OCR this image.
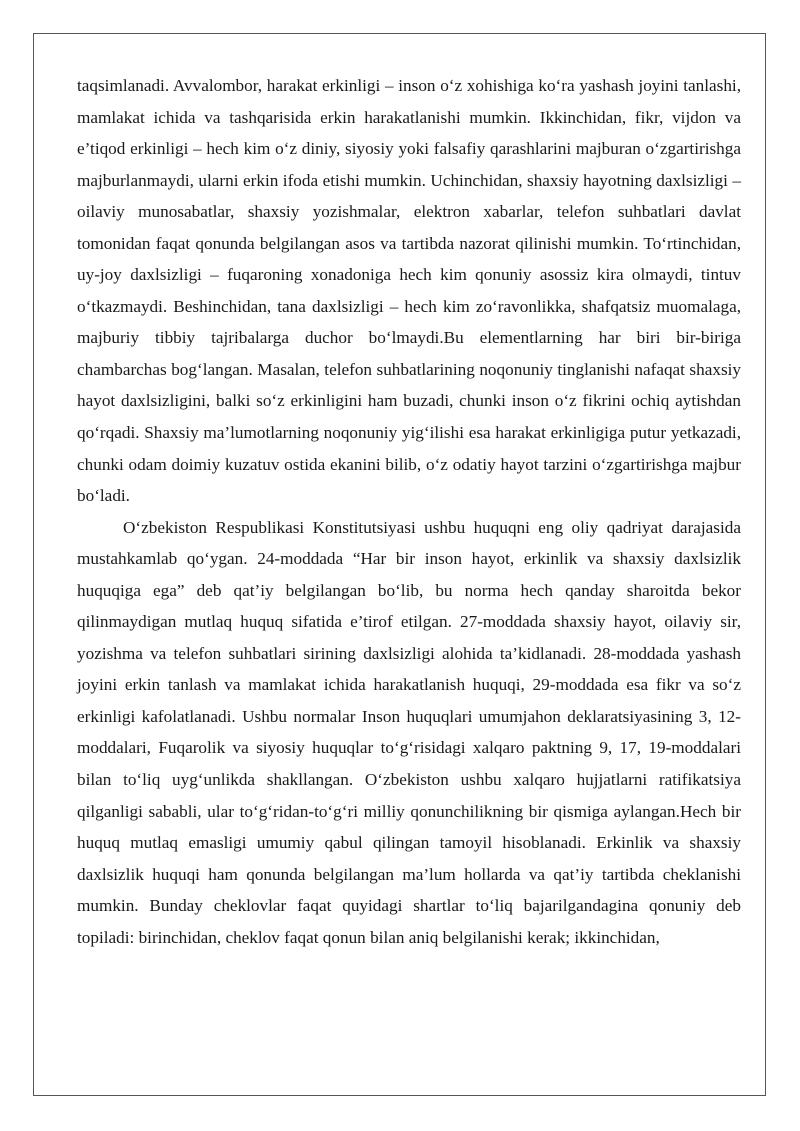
taqsimlanadi. Avvalombor, harakat erkinligi – inson o‘z xohishiga ko‘ra yashash joyini tanlashi, mamlakat ichida va tashqarisida erkin harakatlanishi mumkin. Ikkinchidan, fikr, vijdon va e’tiqod erkinligi – hech kim o‘z diniy, siyosiy yoki falsafiy qarashlarini majburan o‘zgartirishga majburlanmaydi, ularni erkin ifoda etishi mumkin. Uchinchidan, shaxsiy hayotning daxlsizligi – oilaviy munosabatlar, shaxsiy yozishmalar, elektron xabarlar, telefon suhbatlari davlat tomonidan faqat qonunda belgilangan asos va tartibda nazorat qilinishi mumkin. To‘rtinchidan, uy-joy daxlsizligi – fuqaroning xonadoniga hech kim qonuniy asossiz kira olmaydi, tintuv o‘tkazmaydi. Beshinchidan, tana daxlsizligi – hech kim zo‘ravonlikka, shafqatsiz muomalaga, majburiy tibbiy tajribalarga duchor bo‘lmaydi.Bu elementlarning har biri bir-biriga chambarchas bog‘langan. Masalan, telefon suhbatlarining noqonuniy tinglanishi nafaqat shaxsiy hayot daxlsizligini, balki so‘z erkinligini ham buzadi, chunki inson o‘z fikrini ochiq aytishdan qo‘rqadi. Shaxsiy ma’lumotlarning noqonuniy yig‘ilishi esa harakat erkinligiga putur yetkazadi, chunki odam doimiy kuzatuv ostida ekanini bilib, o‘z odatiy hayot tarzini o‘zgartirishga majbur bo‘ladi.

O‘zbekiston Respublikasi Konstitutsiyasi ushbu huquqni eng oliy qadriyat darajasida mustahkamlab qo‘ygan. 24-moddada “Har bir inson hayot, erkinlik va shaxsiy daxlsizlik huquqiga ega” deb qat’iy belgilangan bo‘lib, bu norma hech qanday sharoitda bekor qilinmaydigan mutlaq huquq sifatida e’tirof etilgan. 27-moddada shaxsiy hayot, oilaviy sir, yozishma va telefon suhbatlari sirining daxlsizligi alohida ta’kidlanadi. 28-moddada yashash joyini erkin tanlash va mamlakat ichida harakatlanish huquqi, 29-moddada esa fikr va so‘z erkinligi kafolatlanadi. Ushbu normalar Inson huquqlari umumjahon deklaratsiyasining 3, 12-moddalari, Fuqarolik va siyosiy huquqlar to‘g‘risidagi xalqaro paktning 9, 17, 19-moddalari bilan to‘liq uyg‘unlikda shakllangan. O‘zbekiston ushbu xalqaro hujjatlarni ratifikatsiya qilganligi sababli, ular to‘g‘ridan-to‘g‘ri milliy qonunchilikning bir qismiga aylangan.Hech bir huquq mutlaq emasligi umumiy qabul qilingan tamoyil hisoblanadi. Erkinlik va shaxsiy daxlsizlik huquqi ham qonunda belgilangan ma’lum hollarda va qat’iy tartibda cheklanishi mumkin. Bunday cheklovlar faqat quyidagi shartlar to‘liq bajarilgandagina qonuniy deb topiladi: birinchidan, cheklov faqat qonun bilan aniq belgilanishi kerak; ikkinchidan,
